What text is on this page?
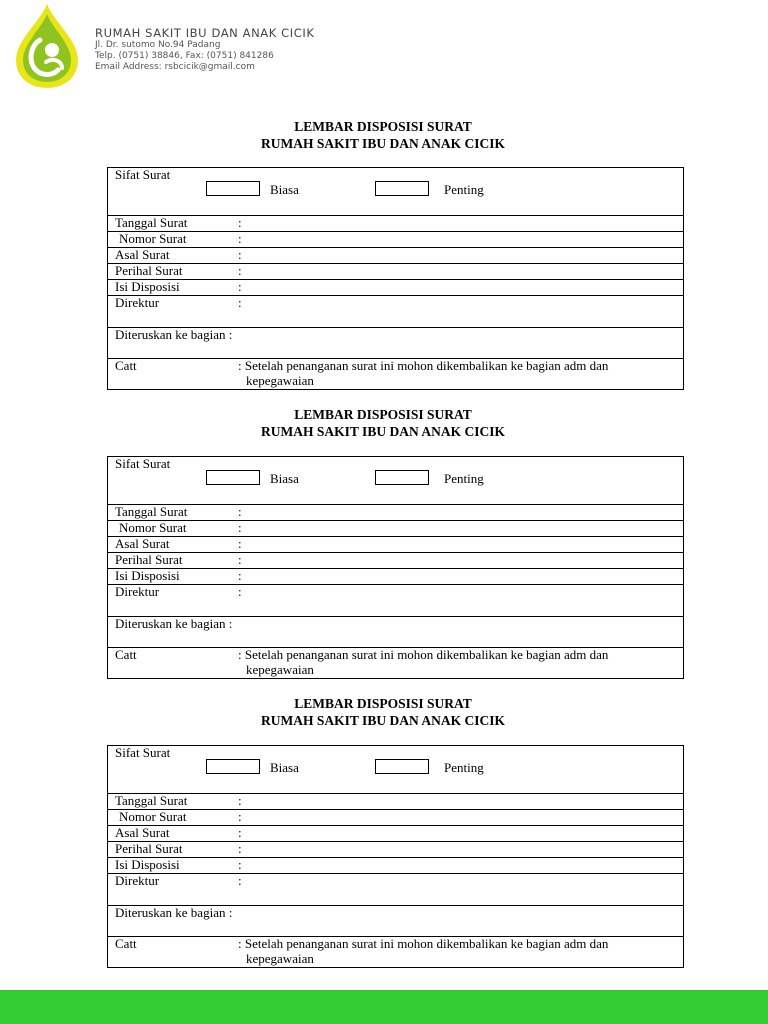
RUMAH SAKIT IBU DAN ANAK CICIK
Jl. Dr. sutomo No.94 Padang
Telp. (0751) 38846, Fax: (0751) 841286
Email Address: rsbcicik@gmail.com
LEMBAR DISPOSISI SURAT
RUMAH SAKIT IBU DAN ANAK CICIK
Sifat Surat
Biasa	Penting
Tanggal Surat	:
Nomor Surat	:
Asal Surat	:
Perihal Surat	:
Isi Disposisi	:
Direktur	:
Diteruskan ke bagian :
Catt	: Setelah penanganan surat ini mohon dikembalikan ke bagian adm dan
kepegawaian
LEMBAR DISPOSISI SURAT
RUMAH SAKIT IBU DAN ANAK CICIK
Sifat Surat
Biasa	Penting
Tanggal Surat	:
Nomor Surat	:
Asal Surat	:
Perihal Surat	:
Isi Disposisi	:
Direktur	:
Diteruskan ke bagian :
Catt	: Setelah penanganan surat ini mohon dikembalikan ke bagian adm dan
kepegawaian
LEMBAR DISPOSISI SURAT
RUMAH SAKIT IBU DAN ANAK CICIK
Sifat Surat
Biasa	Penting
Tanggal Surat	:
Nomor Surat	:
Asal Surat	:
Perihal Surat	:
Isi Disposisi	:
Direktur	:
Diteruskan ke bagian :
Catt	: Setelah penanganan surat ini mohon dikembalikan ke bagian adm dan
kepegawaian
